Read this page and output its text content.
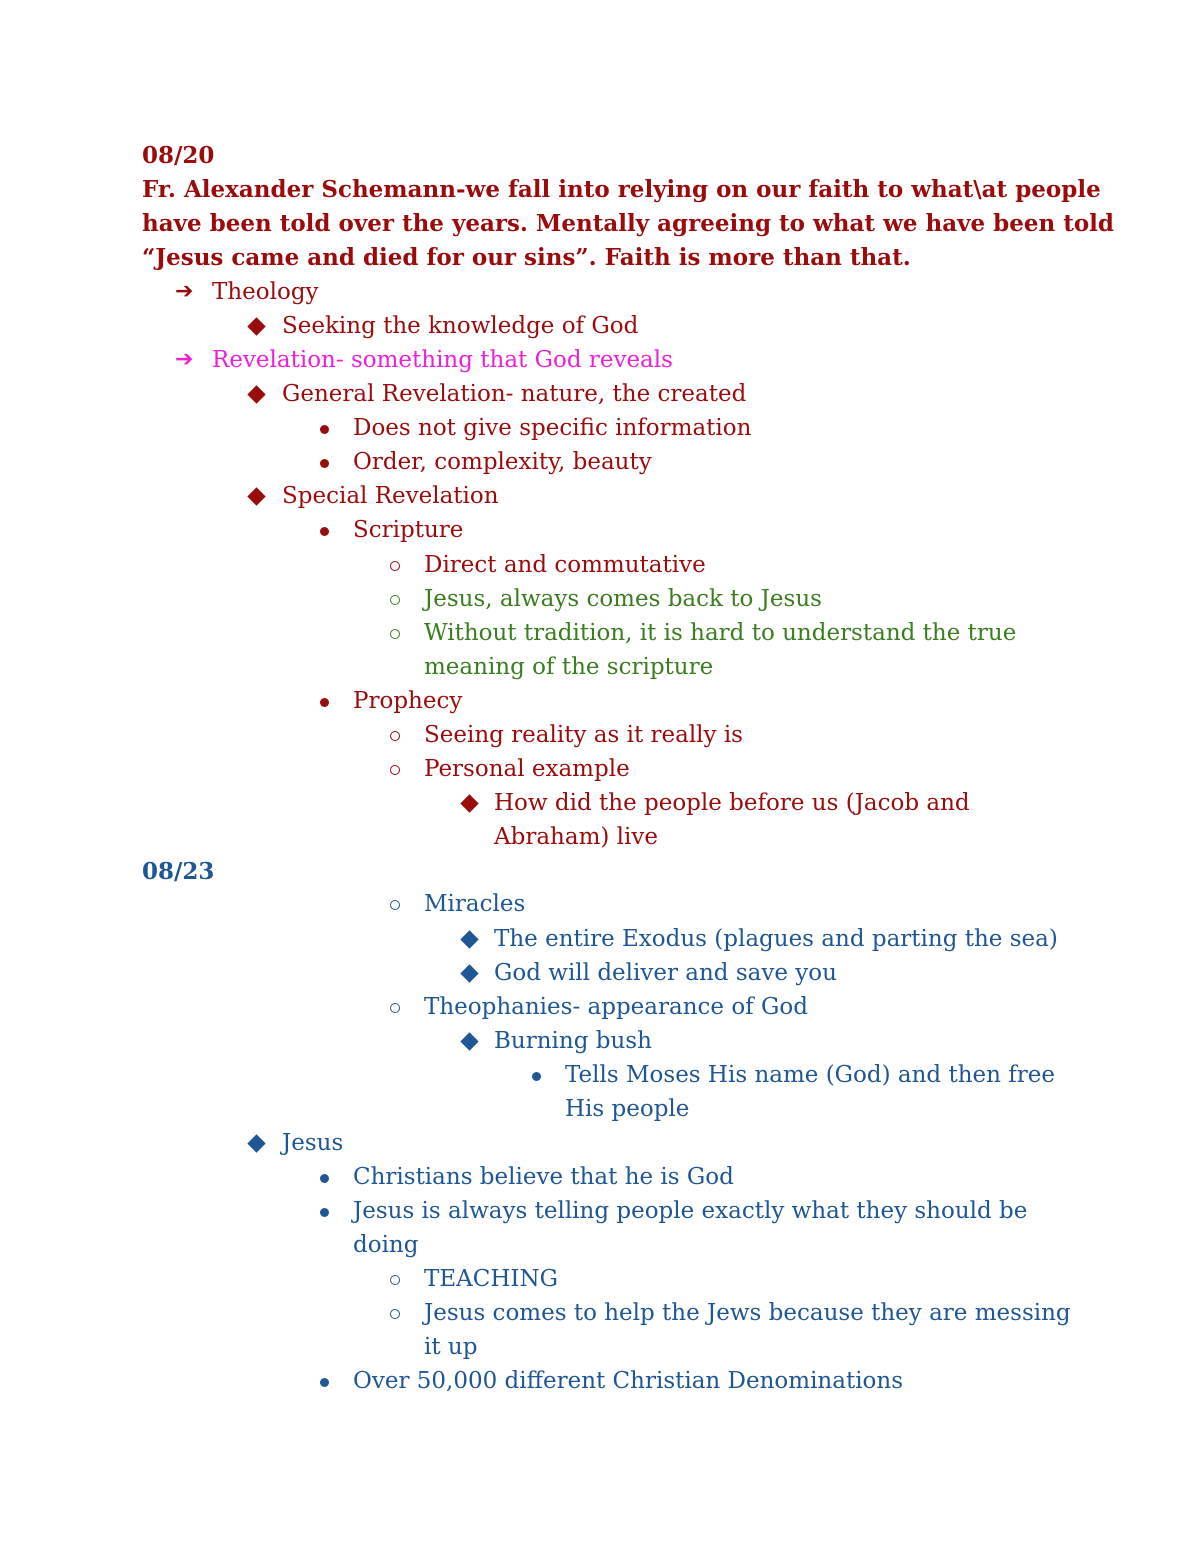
08/20
Fr. Alexander Schemann-we fall into relying on our faith to what\at people
have been told over the years. Mentally agreeing to what we have been told
“Jesus came and died for our sins”. Faith is more than that.
➔ Theology
Seeking the knowledge of God
➔ Revelation- something that God reveals
General Revelation- nature, the created
Does not give specific information
Order, complexity, beauty
Special Revelation
Scripture
Direct and commutative
Jesus, always comes back to Jesus
Without tradition, it is hard to understand the true
meaning of the scripture
Prophecy
Seeing reality as it really is
Personal example
How did the people before us (Jacob and
Abraham) live
08/23
Miracles
The entire Exodus (plagues and parting the sea)
God will deliver and save you
Theophanies- appearance of God
Burning bush
Tells Moses His name (God) and then free
His people
Jesus
Christians believe that he is God
Jesus is always telling people exactly what they should be
doing
TEACHING
Jesus comes to help the Jews because they are messing
it up
Over 50,000 different Christian Denominations
